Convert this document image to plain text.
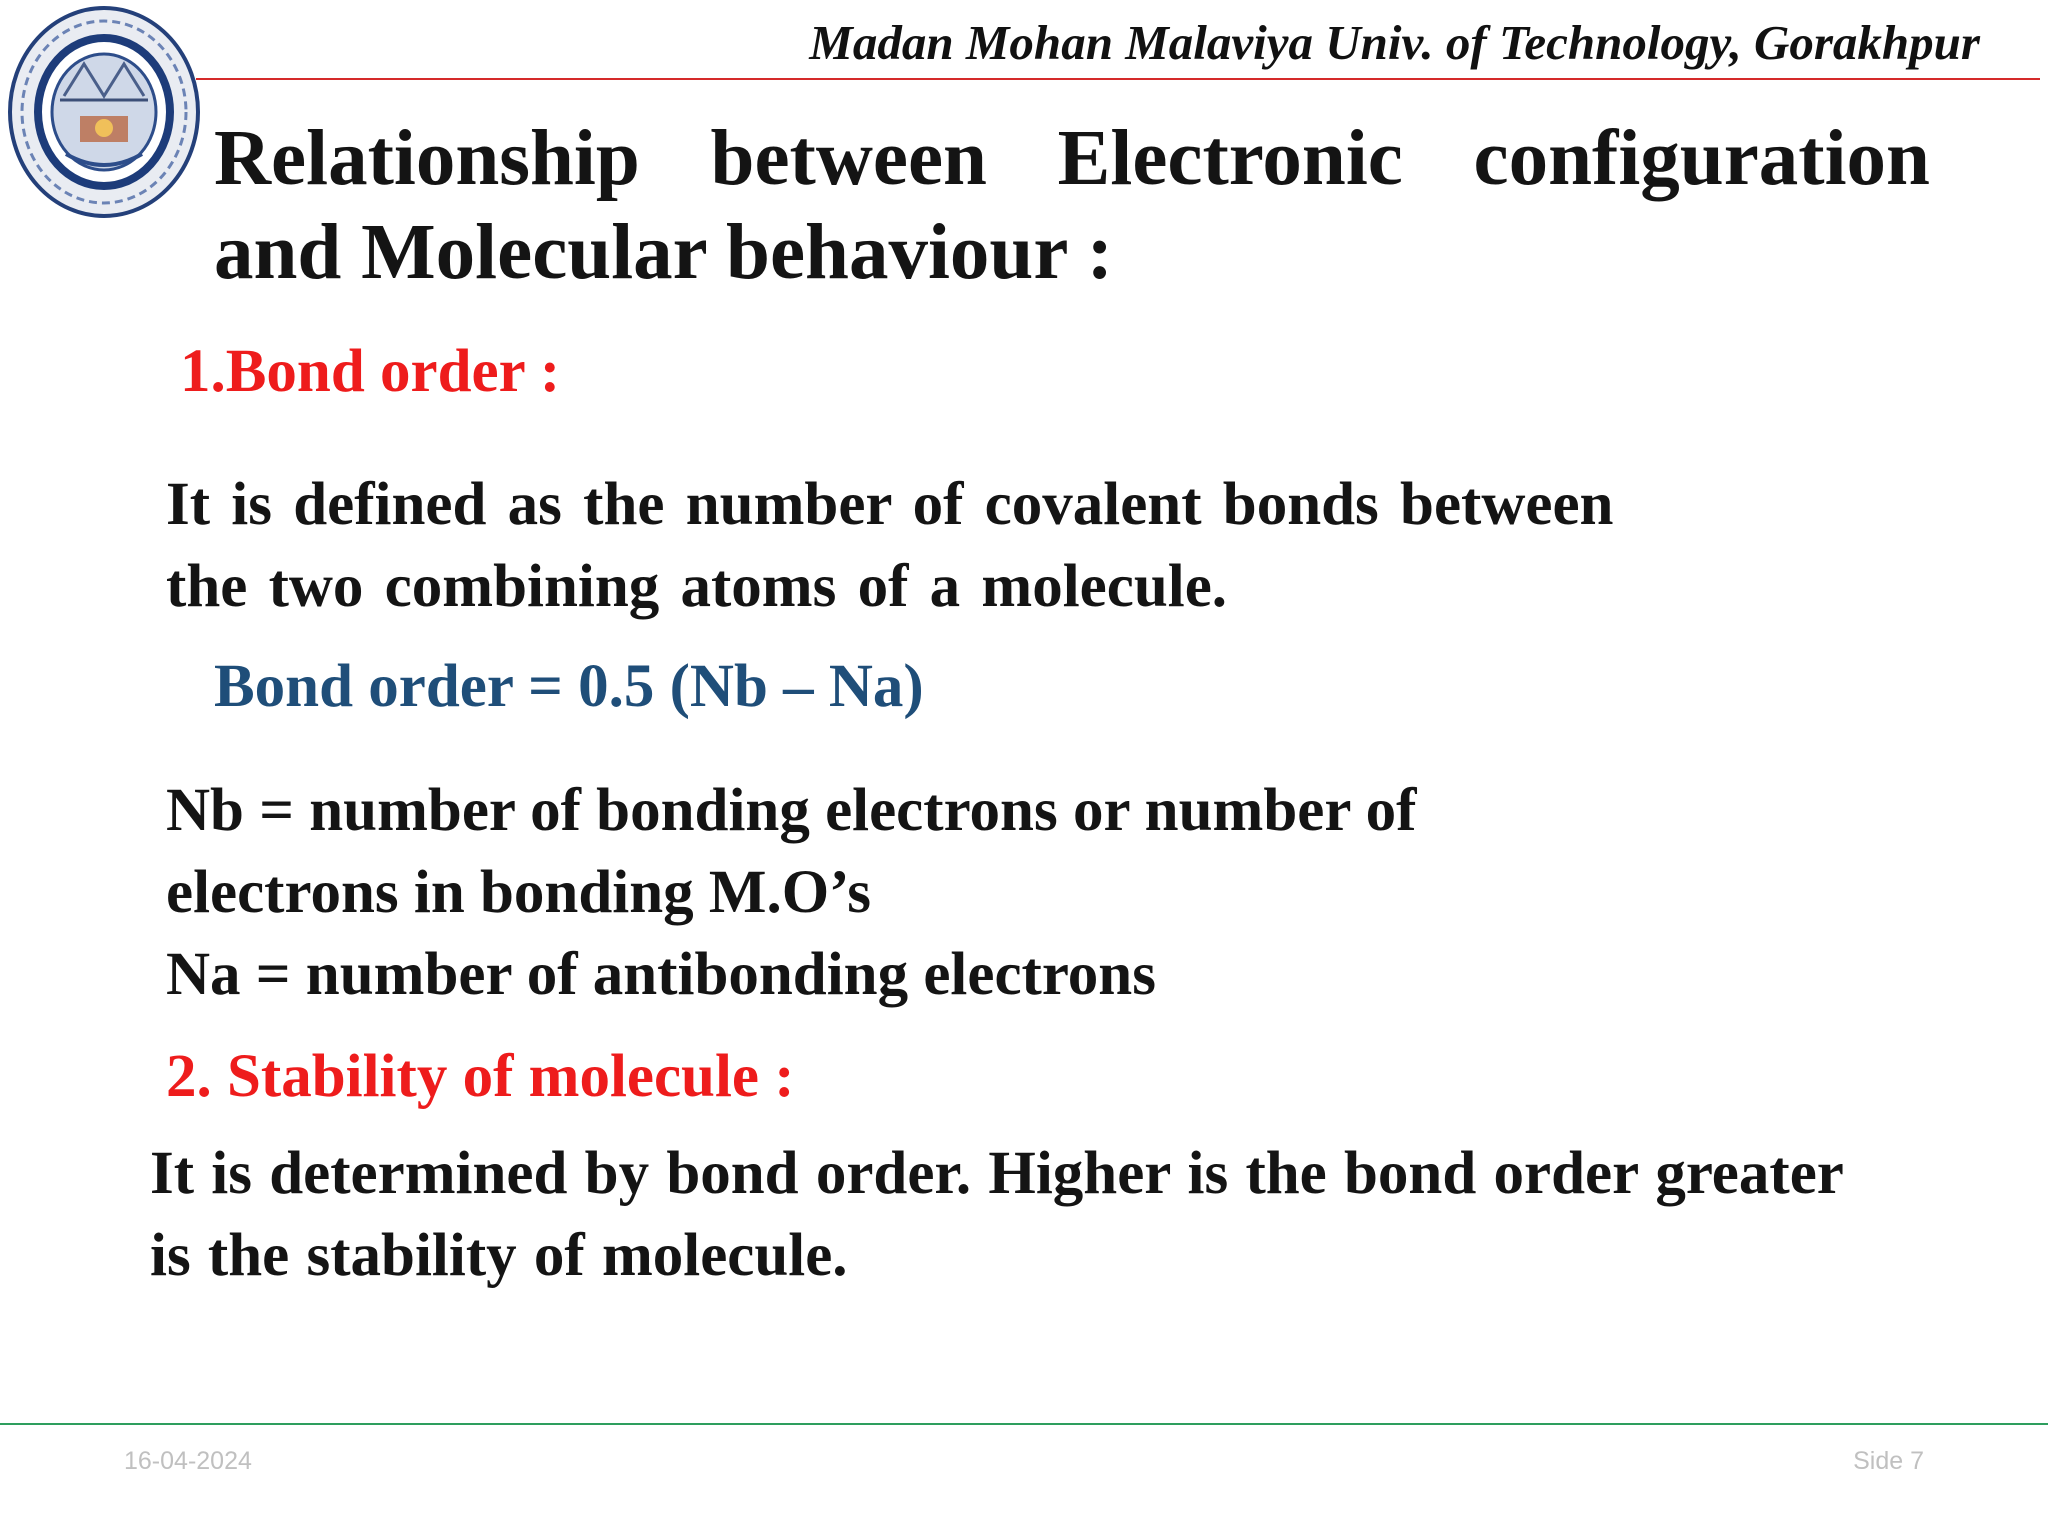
Madan Mohan Malaviya Univ. of Technology, Gorakhpur
Relationship between Electronic configuration
and Molecular behaviour :
1.Bond order :
It is defined as the number of covalent bonds between
the two combining atoms of a molecule.
Bond order = 0.5 (Nb – Na)
Nb = number of bonding electrons or number of
electrons in bonding M.O’s
Na = number of antibonding electrons
2. Stability of molecule :
It is determined by bond order. Higher is the bond order greater
is the stability of molecule.
16-04-2024	Side 7
